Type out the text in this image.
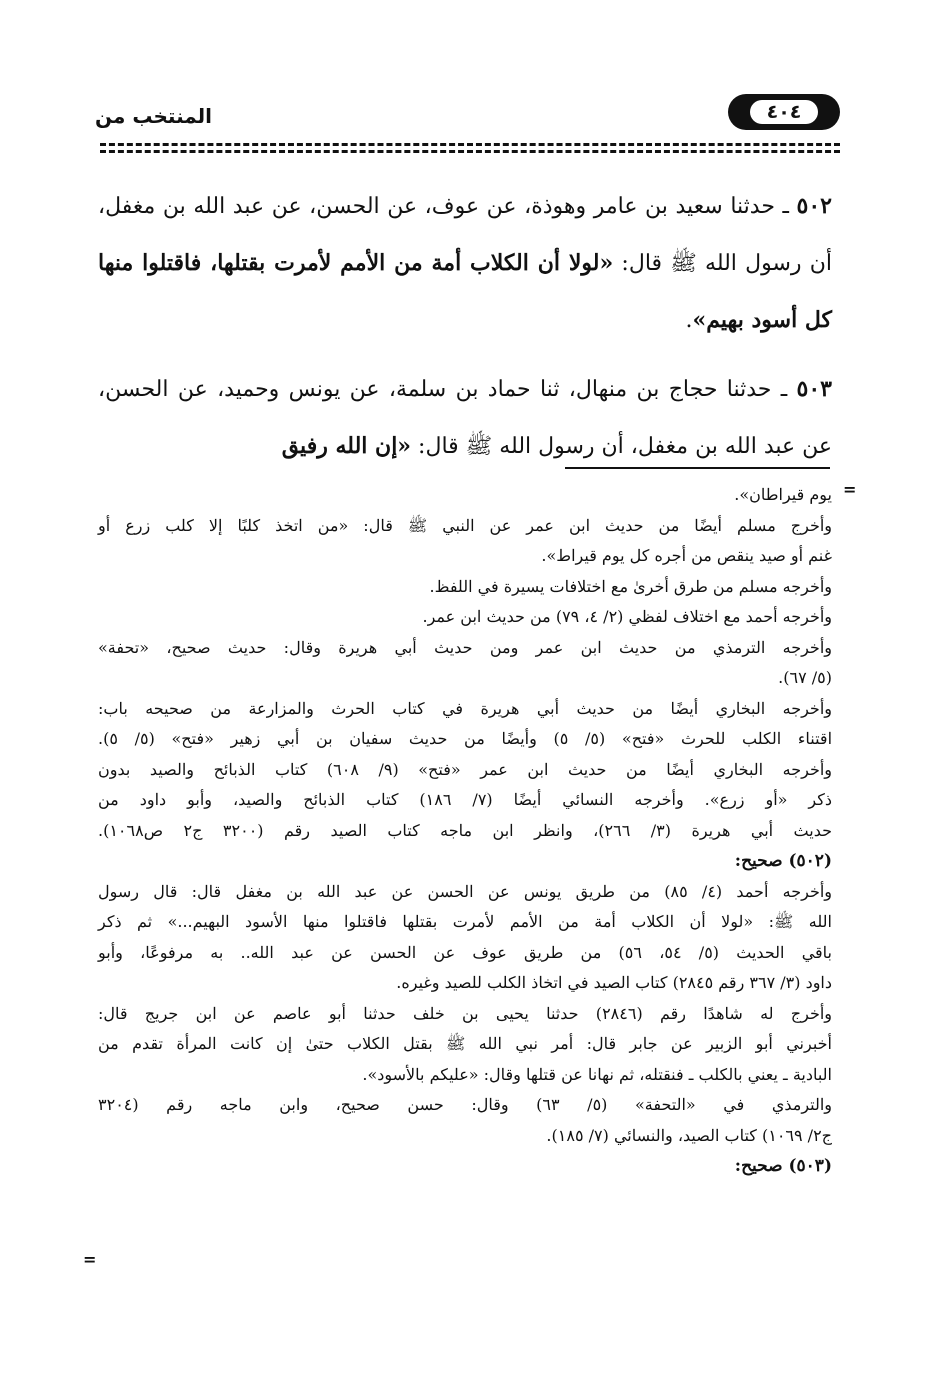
٤٠٤
المنتخب من

٥٠٢ ـ حدثنا سعيد بن عامر وهوذة، عن عوف، عن الحسن، عن عبد الله بن مغفل، أن رسول الله ﷺ قال: «لولا أن الكلاب أمة من الأمم لأمرت بقتلها، فاقتلوا منها كل أسود بهيم».

٥٠٣ ـ حدثنا حجاج بن منهال، ثنا حماد بن سلمة، عن يونس وحميد، عن الحسن، عن عبد الله بن مغفل، أن رسول الله ﷺ قال: «إن الله رفيق

=
يوم قيراطان».
وأخرج مسلم أيضًا من حديث ابن عمر عن النبي ﷺ قال: «من اتخذ كلبًا إلا كلب زرع أو
غنم أو صيد ينقص من أجره كل يوم قيراط».
وأخرجه مسلم من طرق أخرىٰ مع اختلافات يسيرة في اللفظ.
وأخرجه أحمد مع اختلاف لفظي (٢/ ٤، ٧٩) من حديث ابن عمر.
وأخرجه الترمذي من حديث ابن عمر ومن حديث أبي هريرة وقال: حديث صحيح، «تحفة»
(٥/ ٦٧).
وأخرجه البخاري أيضًا من حديث أبي هريرة في كتاب الحرث والمزارعة من صحيحه باب:
اقتناء الكلب للحرث «فتح» (٥/ ٥) وأيضًا من حديث سفيان بن أبي زهير «فتح» (٥/ ٥).
وأخرجه البخاري أيضًا من حديث ابن عمر «فتح» (٩/ ٦٠٨) كتاب الذبائح والصيد بدون
ذكر «أو زرع». وأخرجه النسائي أيضًا (٧/ ١٨٦) كتاب الذبائح والصيد، وأبو داود من
حديث أبي هريرة (٣/ ٢٦٦)، وانظر ابن ماجه كتاب الصيد رقم (٣٢٠٠ ج٢ ص١٠٦٨).
(٥٠٢) صحيح:
وأخرجه أحمد (٤/ ٨٥) من طريق يونس عن الحسن عن عبد الله بن مغفل قال: قال رسول
الله ﷺ: «لولا أن الكلاب أمة من الأمم لأمرت بقتلها فاقتلوا منها الأسود البهيم...» ثم ذكر
باقي الحديث (٥/ ٥٤، ٥٦) من طريق عوف عن الحسن عن عبد الله.. به مرفوعًا، وأبو
داود (٣/ ٣٦٧ رقم ٢٨٤٥) كتاب الصيد في اتخاذ الكلب للصيد وغيره.
وأخرج له شاهدًا رقم (٢٨٤٦) حدثنا يحيى بن خلف حدثنا أبو عاصم عن ابن جريج قال:
أخبرني أبو الزبير عن جابر قال: أمر نبي الله ﷺ بقتل الكلاب حتىٰ إن كانت المرأة تقدم من
البادية ـ يعني بالكلب ـ فنقتله، ثم نهانا عن قتلها وقال: «عليكم بالأسود».
والترمذي في «التحفة» (٥/ ٦٣) وقال: حسن صحيح، وابن ماجه رقم (٣٢٠٤
ج٢/ ١٠٦٩) كتاب الصيد، والنسائي (٧/ ١٨٥).
(٥٠٣) صحيح:
=
